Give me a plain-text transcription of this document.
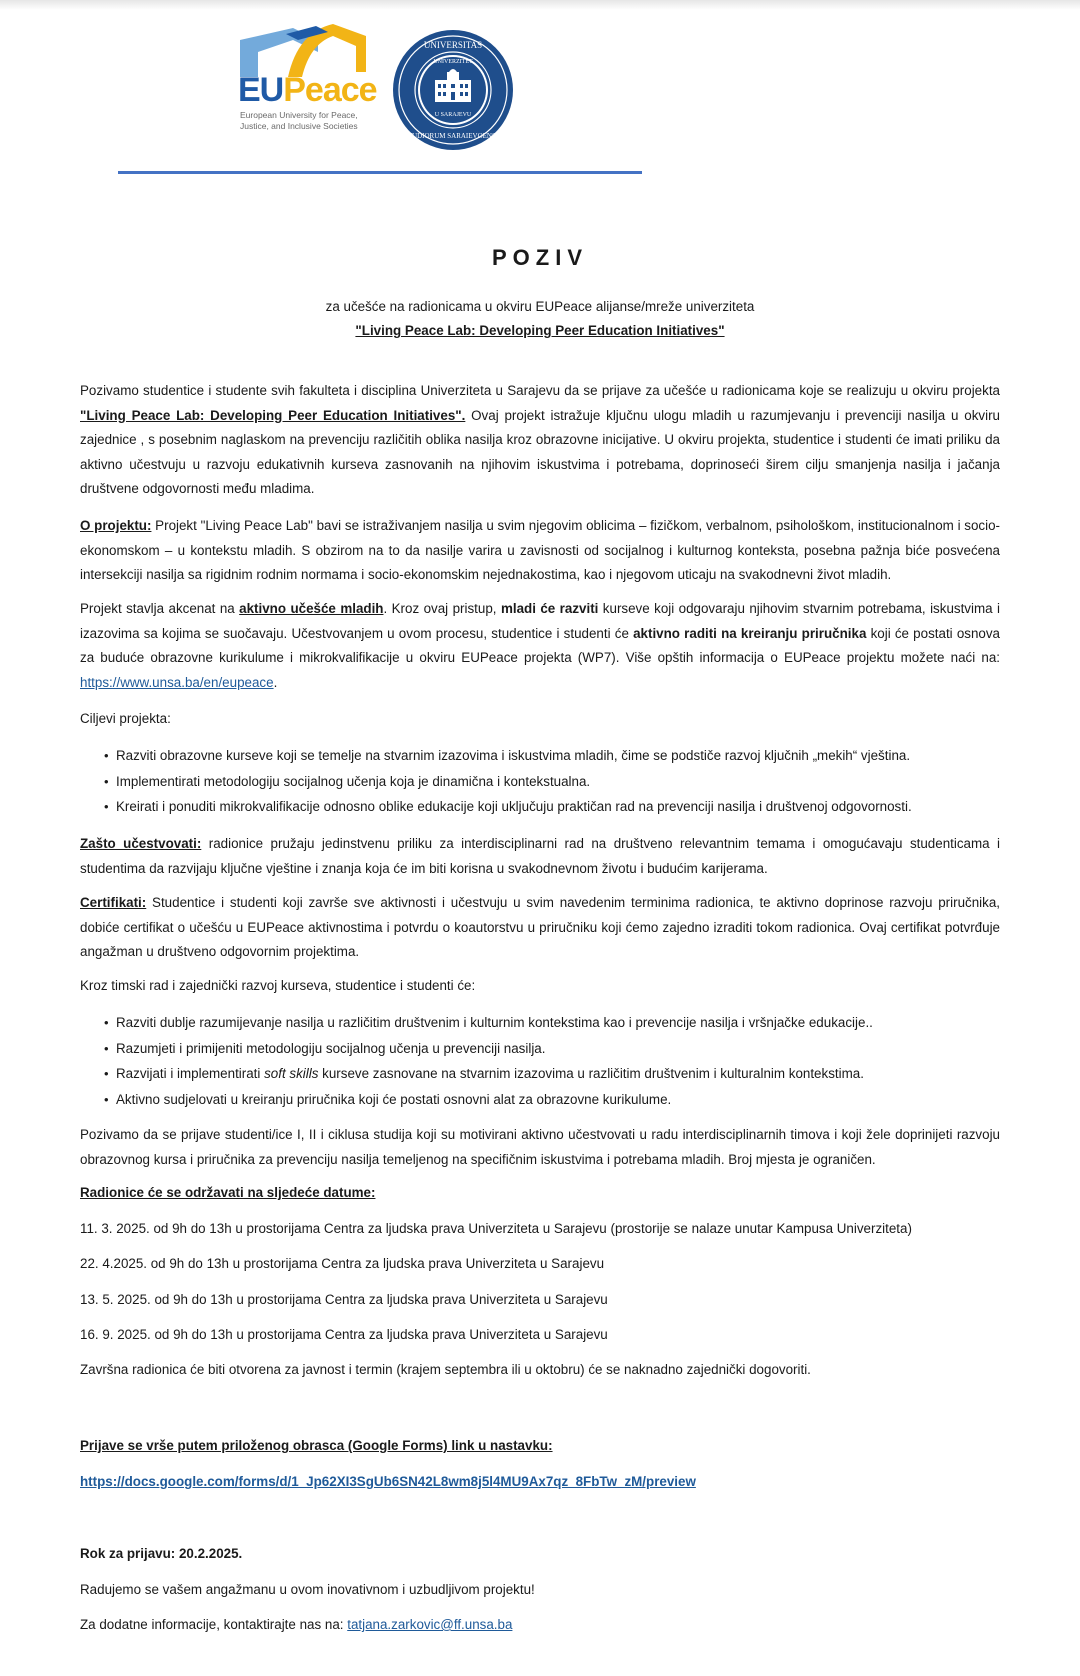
EUPeace
European University for Peace,
Justice, and Inclusive Societies
UNIVERSITAS
UNIVERZITET
U SARAJEVU
STUDIORUM SARAIEVOENSIS
POZIV
za učešće na radionicama u okviru EUPeace alijanse/mreže univerziteta
"Living Peace Lab: Developing Peer Education Initiatives"
Pozivamo studentice i studente svih fakulteta i disciplina Univerziteta u Sarajevu da se prijave za učešće u radionicama koje se realizuju u okviru projekta "Living Peace Lab: Developing Peer Education Initiatives". Ovaj projekt istražuje ključnu ulogu mladih u razumjevanju i prevenciji nasilja u okviru zajednice , s posebnim naglaskom na prevenciju različitih oblika nasilja kroz obrazovne inicijative. U okviru projekta, studentice i studenti će imati priliku da aktivno učestvuju u razvoju edukativnih kurseva zasnovanih na njihovim iskustvima i potrebama, doprinoseći širem cilju smanjenja nasilja i jačanja društvene odgovornosti među mladima.
O projektu: Projekt "Living Peace Lab" bavi se istraživanjem nasilja u svim njegovim oblicima – fizičkom, verbalnom, psihološkom, institucionalnom i socio-ekonomskom – u kontekstu mladih. S obzirom na to da nasilje varira u zavisnosti od socijalnog i kulturnog konteksta, posebna pažnja biće posvećena intersekciji nasilja sa rigidnim rodnim normama i socio-ekonomskim nejednakostima, kao i njegovom uticaju na svakodnevni život mladih.
Projekt stavlja akcenat na aktivno učešće mladih. Kroz ovaj pristup, mladi će razviti kurseve koji odgovaraju njihovim stvarnim potrebama, iskustvima i izazovima sa kojima se suočavaju. Učestvovanjem u ovom procesu, studentice i studenti će aktivno raditi na kreiranju priručnika koji će postati osnova za buduće obrazovne kurikulume i mikrokvalifikacije u okviru EUPeace projekta (WP7). Više opštih informacija o EUPeace projektu možete naći na: https://www.unsa.ba/en/eupeace.
Ciljevi projekta:
• Razviti obrazovne kurseve koji se temelje na stvarnim izazovima i iskustvima mladih, čime se podstiče razvoj ključnih „mekih“ vještina.
• Implementirati metodologiju socijalnog učenja koja je dinamična i kontekstualna.
• Kreirati i ponuditi mikrokvalifikacije odnosno oblike edukacije koji uključuju praktičan rad na prevenciji nasilja i društvenoj odgovornosti.
Zašto učestvovati: radionice pružaju jedinstvenu priliku za interdisciplinarni rad na društveno relevantnim temama i omogućavaju studenticama i studentima da razvijaju ključne vještine i znanja koja će im biti korisna u svakodnevnom životu i budućim karijerama.
Certifikati: Studentice i studenti koji završe sve aktivnosti i učestvuju u svim navedenim terminima radionica, te aktivno doprinose razvoju priručnika, dobiće certifikat o učešću u EUPeace aktivnostima i potvrdu o koautorstvu u priručniku koji ćemo zajedno izraditi tokom radionica. Ovaj certifikat potvrđuje angažman u društveno odgovornim projektima.
Kroz timski rad i zajednički razvoj kurseva, studentice i studenti će:
• Razviti dublje razumijevanje nasilja u različitim društvenim i kulturnim kontekstima kao i prevencije nasilja i vršnjačke edukacije..
• Razumjeti i primijeniti metodologiju socijalnog učenja u prevenciji nasilja.
• Razvijati i implementirati soft skills kurseve zasnovane na stvarnim izazovima u različitim društvenim i kulturalnim kontekstima.
• Aktivno sudjelovati u kreiranju priručnika koji će postati osnovni alat za obrazovne kurikulume.
Pozivamo da se prijave studenti/ice I, II i ciklusa studija koji su motivirani aktivno učestvovati u radu interdisciplinarnih timova i koji žele doprinijeti razvoju obrazovnog kursa i priručnika za prevenciju nasilja temeljenog na specifičnim iskustvima i potrebama mladih. Broj mjesta je ograničen.
Radionice će se održavati na sljedeće datume:
11. 3. 2025. od 9h do 13h u prostorijama Centra za ljudska prava Univerziteta u Sarajevu (prostorije se nalaze unutar Kampusa Univerziteta)
22. 4.2025. od 9h do 13h u prostorijama Centra za ljudska prava Univerziteta u Sarajevu
13. 5. 2025. od 9h do 13h u prostorijama Centra za ljudska prava Univerziteta u Sarajevu
16. 9. 2025. od 9h do 13h u prostorijama Centra za ljudska prava Univerziteta u Sarajevu
Završna radionica će biti otvorena za javnost i termin (krajem septembra ili u oktobru) će se naknadno zajednički dogovoriti.
Prijave se vrše putem priloženog obrasca (Google Forms) link u nastavku:
https://docs.google.com/forms/d/1_Jp62XI3SgUb6SN42L8wm8j5l4MU9Ax7qz_8FbTw_zM/preview
Rok za prijavu: 20.2.2025.
Radujemo se vašem angažmanu u ovom inovativnom i uzbudljivom projektu!
Za dodatne informacije, kontaktirajte nas na: tatjana.zarkovic@ff.unsa.ba
